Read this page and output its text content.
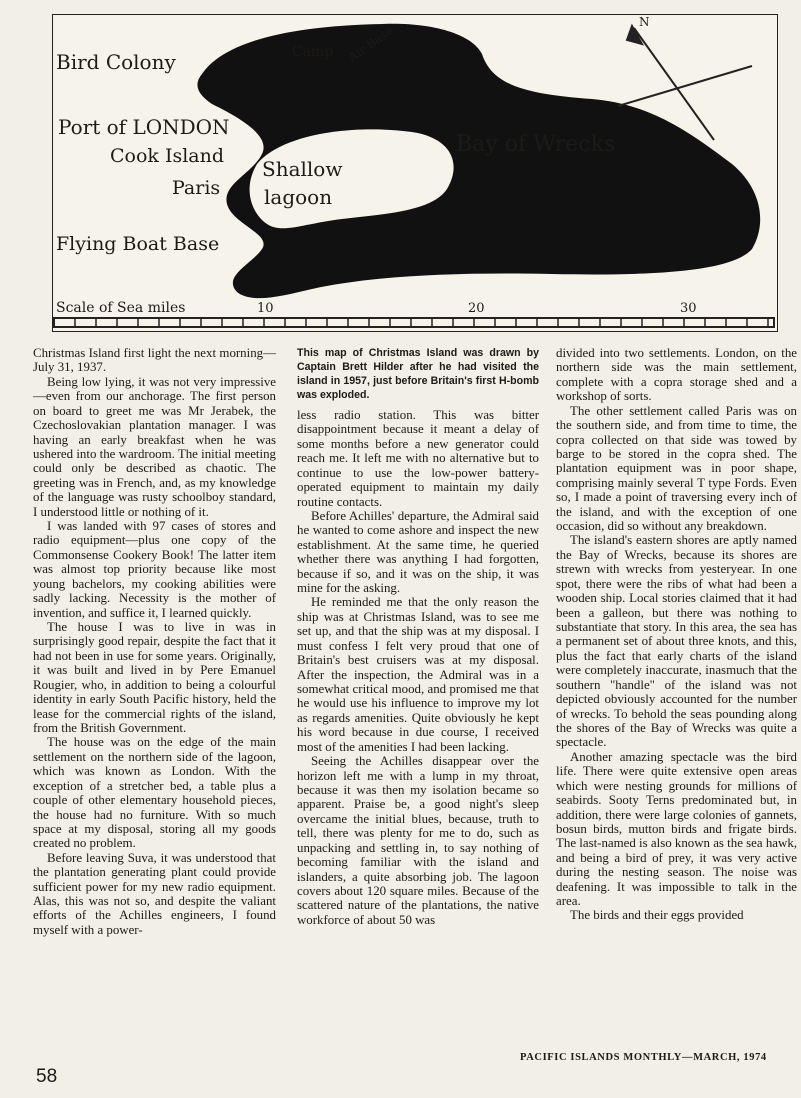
N
Bird Colony	Camp Air Base
Port of LONDON
Cook Island
Paris
Shallow
lagoon
Bay of Wrecks
Flying Boat Base
Scale of Sea miles	10	20	30

Christmas Island first light the next morning—July 31, 1937.

Being low lying, it was not very impressive—even from our anchorage. The first person on board to greet me was Mr Jerabek, the Czechoslovakian plantation manager. I was having an early breakfast when he was ushered into the wardroom. The initial meeting could only be described as chaotic. The greeting was in French, and, as my knowledge of the language was rusty schoolboy standard, I understood little or nothing of it.

I was landed with 97 cases of stores and radio equipment—plus one copy of the Commonsense Cookery Book! The latter item was almost top priority because like most young bachelors, my cooking abilities were sadly lacking. Necessity is the mother of invention, and suffice it, I learned quickly.

The house I was to live in was in surprisingly good repair, despite the fact that it had not been in use for some years. Originally, it was built and lived in by Pere Emanuel Rougier, who, in addition to being a colourful identity in early South Pacific history, held the lease for the commercial rights of the island, from the British Government.

The house was on the edge of the main settlement on the northern side of the lagoon, which was known as London. With the exception of a stretcher bed, a table plus a couple of other elementary household pieces, the house had no furniture. With so much space at my disposal, storing all my goods created no problem.

Before leaving Suva, it was understood that the plantation generating plant could provide sufficient power for my new radio equipment. Alas, this was not so, and despite the valiant efforts of the Achilles engineers, I found myself with a power-

This map of Christmas Island was drawn by Captain Brett Hilder after he had visited the island in 1957, just before Britain's first H-bomb was exploded.

less radio station. This was bitter disappointment because it meant a delay of some months before a new generator could reach me. It left me with no alternative but to continue to use the low-power battery-operated equipment to maintain my daily routine contacts.

Before Achilles' departure, the Admiral said he wanted to come ashore and inspect the new establishment. At the same time, he queried whether there was anything I had forgotten, because if so, and it was on the ship, it was mine for the asking.

He reminded me that the only reason the ship was at Christmas Island, was to see me set up, and that the ship was at my disposal. I must confess I felt very proud that one of Britain's best cruisers was at my disposal. After the inspection, the Admiral was in a somewhat critical mood, and promised me that he would use his influence to improve my lot as regards amenities. Quite obviously he kept his word because in due course, I received most of the amenities I had been lacking.

Seeing the Achilles disappear over the horizon left me with a lump in my throat, because it was then my isolation became so apparent. Praise be, a good night's sleep overcame the initial blues, because, truth to tell, there was plenty for me to do, such as unpacking and settling in, to say nothing of becoming familiar with the island and islanders, a quite absorbing job. The lagoon covers about 120 square miles. Because of the scattered nature of the plantations, the native workforce of about 50 was

divided into two settlements. London, on the northern side was the main settlement, complete with a copra storage shed and a workshop of sorts.

The other settlement called Paris was on the southern side, and from time to time, the copra collected on that side was towed by barge to be stored in the copra shed. The plantation equipment was in poor shape, comprising mainly several T type Fords. Even so, I made a point of traversing every inch of the island, and with the exception of one occasion, did so without any breakdown.

The island's eastern shores are aptly named the Bay of Wrecks, because its shores are strewn with wrecks from yesteryear. In one spot, there were the ribs of what had been a wooden ship. Local stories claimed that it had been a galleon, but there was nothing to substantiate that story. In this area, the sea has a permanent set of about three knots, and this, plus the fact that early charts of the island were completely inaccurate, inasmuch that the southern "handle" of the island was not depicted obviously accounted for the number of wrecks. To behold the seas pounding along the shores of the Bay of Wrecks was quite a spectacle.

Another amazing spectacle was the bird life. There were quite extensive open areas which were nesting grounds for millions of seabirds. Sooty Terns predominated but, in addition, there were large colonies of gannets, bosun birds, mutton birds and frigate birds. The last-named is also known as the sea hawk, and being a bird of prey, it was very active during the nesting season. The noise was deafening. It was impossible to talk in the area.

The birds and their eggs provided

58
PACIFIC ISLANDS MONTHLY—MARCH, 1974
